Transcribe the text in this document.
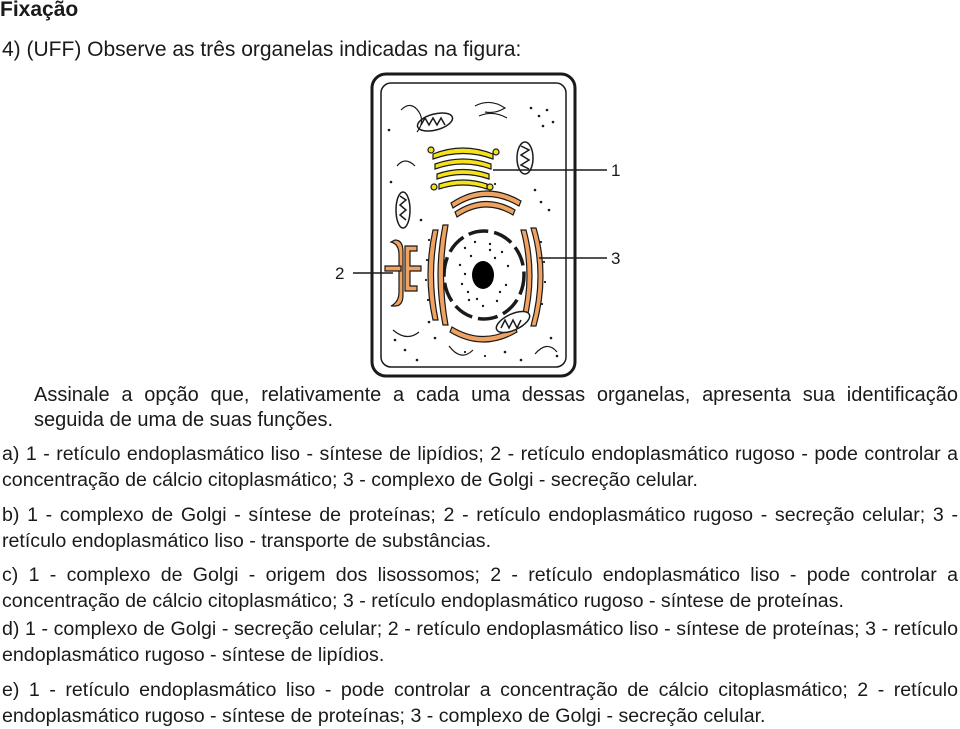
Fixação
4) (UFF) Observe as três organelas indicadas na figura:
1
2
3

Assinale a opção que, relativamente a cada uma dessas organelas, apresenta sua identificação seguida de uma de suas funções.

a) 1 - retículo endoplasmático liso - síntese de lipídios; 2 - retículo endoplasmático rugoso - pode controlar a concentração de cálcio citoplasmático; 3 - complexo de Golgi - secreção celular.

b) 1 - complexo de Golgi - síntese de proteínas; 2 - retículo endoplasmático rugoso - secreção celular; 3 - retículo endoplasmático liso - transporte de substâncias.

c) 1 - complexo de Golgi - origem dos lisossomos; 2 - retículo endoplasmático liso - pode controlar a concentração de cálcio citoplasmático; 3 - retículo endoplasmático rugoso - síntese de proteínas.

d) 1 - complexo de Golgi - secreção celular; 2 - retículo endoplasmático liso - síntese de proteínas; 3 - retículo endoplasmático rugoso - síntese de lipídios.

e) 1 - retículo endoplasmático liso - pode controlar a concentração de cálcio citoplasmático; 2 - retículo endoplasmático rugoso - síntese de proteínas; 3 - complexo de Golgi - secreção celular.
